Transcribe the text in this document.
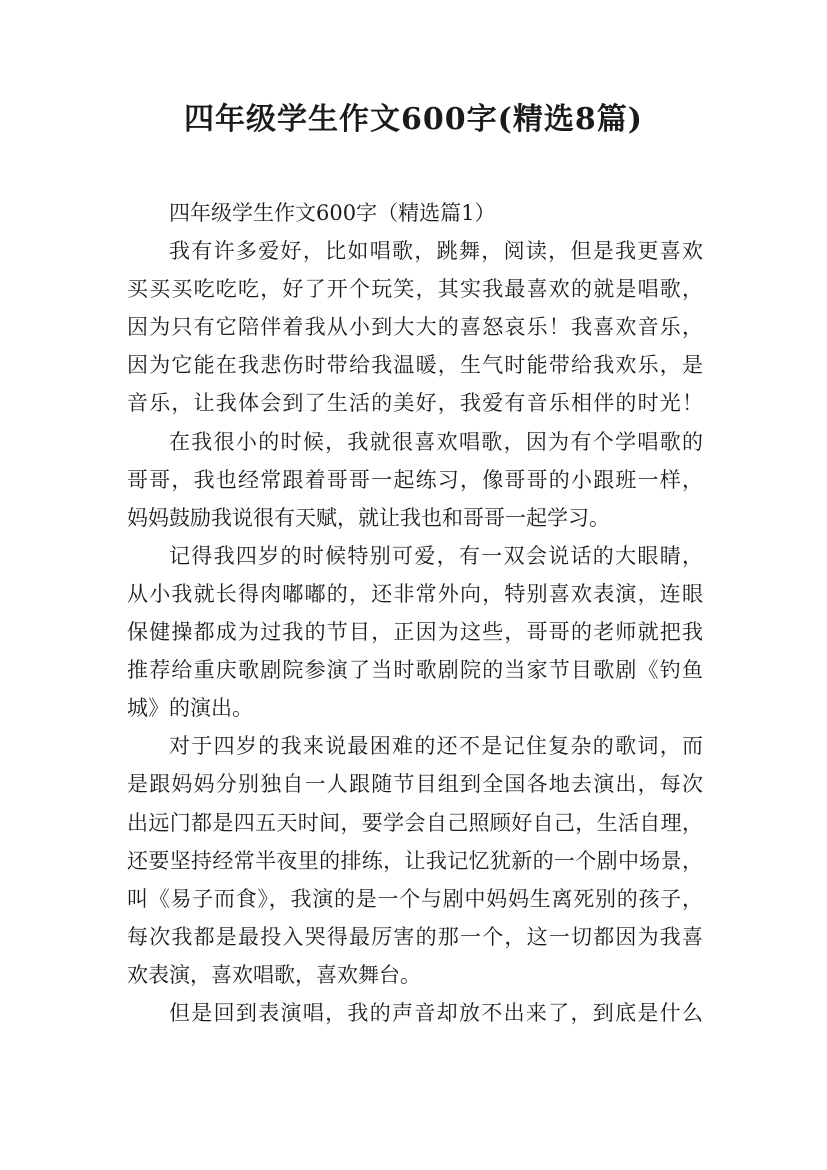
四年级学生作文600字(精选8篇)
四年级学生作文600字（精选篇1）
我有许多爱好，比如唱歌，跳舞，阅读，但是我更喜欢
买买买吃吃吃，好了开个玩笑，其实我最喜欢的就是唱歌，
因为只有它陪伴着我从小到大大的喜怒哀乐！我喜欢音乐，
因为它能在我悲伤时带给我温暖，生气时能带给我欢乐，是
音乐，让我体会到了生活的美好，我爱有音乐相伴的时光！
在我很小的时候，我就很喜欢唱歌，因为有个学唱歌的
哥哥，我也经常跟着哥哥一起练习，像哥哥的小跟班一样，
妈妈鼓励我说很有天赋，就让我也和哥哥一起学习。
记得我四岁的时候特别可爱，有一双会说话的大眼睛，
从小我就长得肉嘟嘟的，还非常外向，特别喜欢表演，连眼
保健操都成为过我的节目，正因为这些，哥哥的老师就把我
推荐给重庆歌剧院参演了当时歌剧院的当家节目歌剧《钓鱼
城》的演出。
对于四岁的我来说最困难的还不是记住复杂的歌词，而
是跟妈妈分别独自一人跟随节目组到全国各地去演出，每次
出远门都是四五天时间，要学会自己照顾好自己，生活自理，
还要坚持经常半夜里的排练，让我记忆犹新的一个剧中场景，
叫《易子而食》，我演的是一个与剧中妈妈生离死别的孩子，
每次我都是最投入哭得最厉害的那一个，这一切都因为我喜
欢表演，喜欢唱歌，喜欢舞台。
但是回到表演唱，我的声音却放不出来了，到底是什么
